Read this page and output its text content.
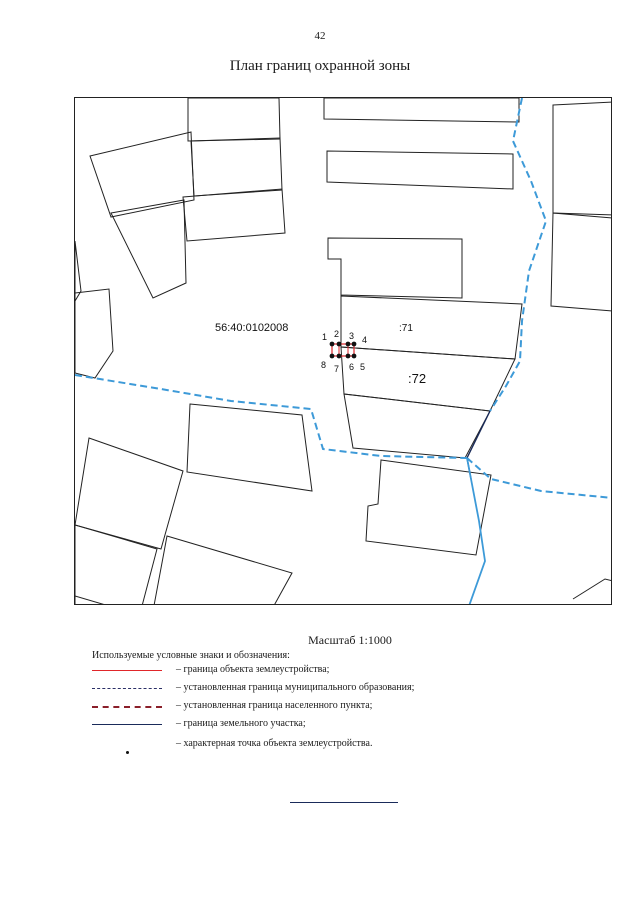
42
План границ охранной зоны
56:40:0102008	:71
:72
1 2 3 4
5
6
7
8
Масштаб 1:1000
Используемые условные знаки и обозначения:
– граница объекта землеустройства;
– установленная граница муниципального образования;
– установленная граница населенного пункта;
– граница земельного участка;
– характерная точка объекта землеустройства.
